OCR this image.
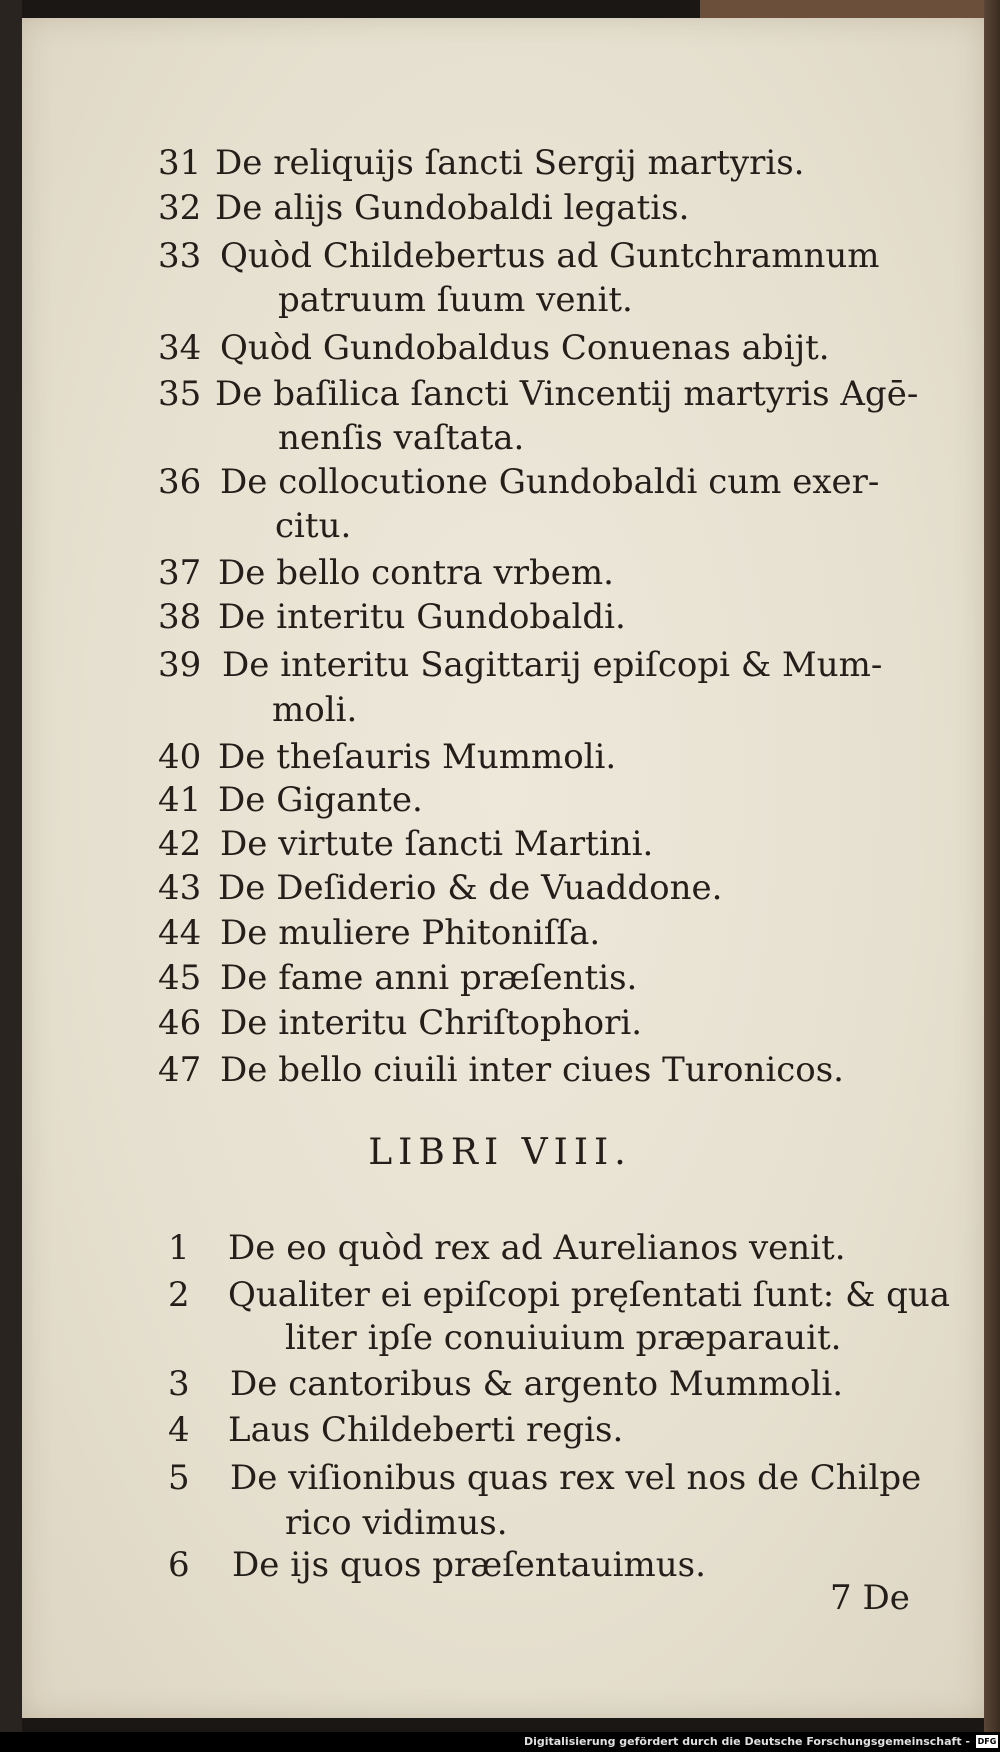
31 De reliquijs ſancti Sergij martyris.
32 De alijs Gundobaldi legatis.
33 Quòd Childebertus ad Guntchramnum
patruum ſuum venit.
34 Quòd Gundobaldus Conuenas abijt.
35 De baſilica ſancti Vincentij martyris Agē-
nenſis vaſtata.
36 De collocutione Gundobaldi cum exer-
citu.
37 De bello contra vrbem.
38 De interitu Gundobaldi.
39 De interitu Sagittarij epiſcopi & Mum-
moli.
40 De theſauris Mummoli.
41 De Gigante.
42 De virtute ſancti Martini.
43 De Deſiderio & de Vuaddone.
44 De muliere Phitoniſſa.
45 De fame anni præſentis.
46 De interitu Chriſtophori.
47 De bello ciuili inter ciues Turonicos.
LIBRI VIII.
1	De eo quòd rex ad Aurelianos venit.
2	Qualiter ei epiſcopi pręſentati ſunt: & qua
liter ipſe conuiuium præparauit.
3	De cantoribus & argento Mummoli.
4	Laus Childeberti regis.
5	De viſionibus quas rex vel nos de Chilpe
rico vidimus.
6	De ijs quos præſentauimus.
7 De
Digitalisierung gefördert durch die Deutsche Forschungsgemeinschaft - DFG
